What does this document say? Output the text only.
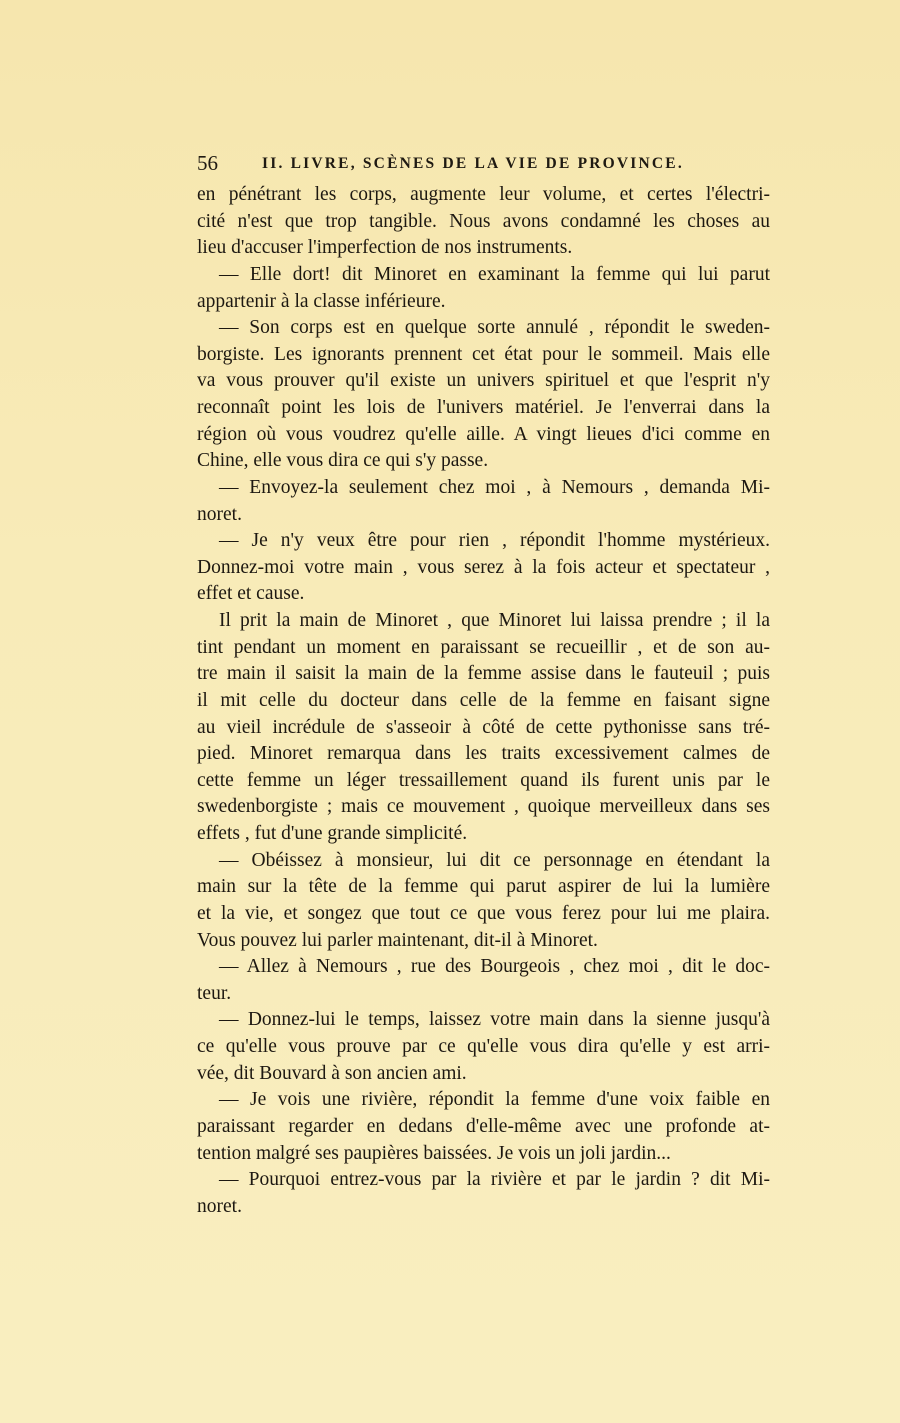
56	II. LIVRE, SCÈNES DE LA VIE DE PROVINCE.
en pénétrant les corps, augmente leur volume, et certes l'électri-
cité n'est que trop tangible. Nous avons condamné les choses au
lieu d'accuser l'imperfection de nos instruments.
— Elle dort! dit Minoret en examinant la femme qui lui parut
appartenir à la classe inférieure.
— Son corps est en quelque sorte annulé , répondit le sweden-
borgiste. Les ignorants prennent cet état pour le sommeil. Mais elle
va vous prouver qu'il existe un univers spirituel et que l'esprit n'y
reconnaît point les lois de l'univers matériel. Je l'enverrai dans la
région où vous voudrez qu'elle aille. A vingt lieues d'ici comme en
Chine, elle vous dira ce qui s'y passe.
— Envoyez-la seulement chez moi , à Nemours , demanda Mi-
noret.
— Je n'y veux être pour rien , répondit l'homme mystérieux.
Donnez-moi votre main , vous serez à la fois acteur et spectateur ,
effet et cause.
Il prit la main de Minoret , que Minoret lui laissa prendre ; il la
tint pendant un moment en paraissant se recueillir , et de son au-
tre main il saisit la main de la femme assise dans le fauteuil ; puis
il mit celle du docteur dans celle de la femme en faisant signe
au vieil incrédule de s'asseoir à côté de cette pythonisse sans tré-
pied. Minoret remarqua dans les traits excessivement calmes de
cette femme un léger tressaillement quand ils furent unis par le
swedenborgiste ; mais ce mouvement , quoique merveilleux dans ses
effets , fut d'une grande simplicité.
— Obéissez à monsieur, lui dit ce personnage en étendant la
main sur la tête de la femme qui parut aspirer de lui la lumière
et la vie, et songez que tout ce que vous ferez pour lui me plaira.
Vous pouvez lui parler maintenant, dit-il à Minoret.
— Allez à Nemours , rue des Bourgeois , chez moi , dit le doc-
teur.
— Donnez-lui le temps, laissez votre main dans la sienne jusqu'à
ce qu'elle vous prouve par ce qu'elle vous dira qu'elle y est arri-
vée, dit Bouvard à son ancien ami.
— Je vois une rivière, répondit la femme d'une voix faible en
paraissant regarder en dedans d'elle-même avec une profonde at-
tention malgré ses paupières baissées. Je vois un joli jardin...
— Pourquoi entrez-vous par la rivière et par le jardin ? dit Mi-
noret.
